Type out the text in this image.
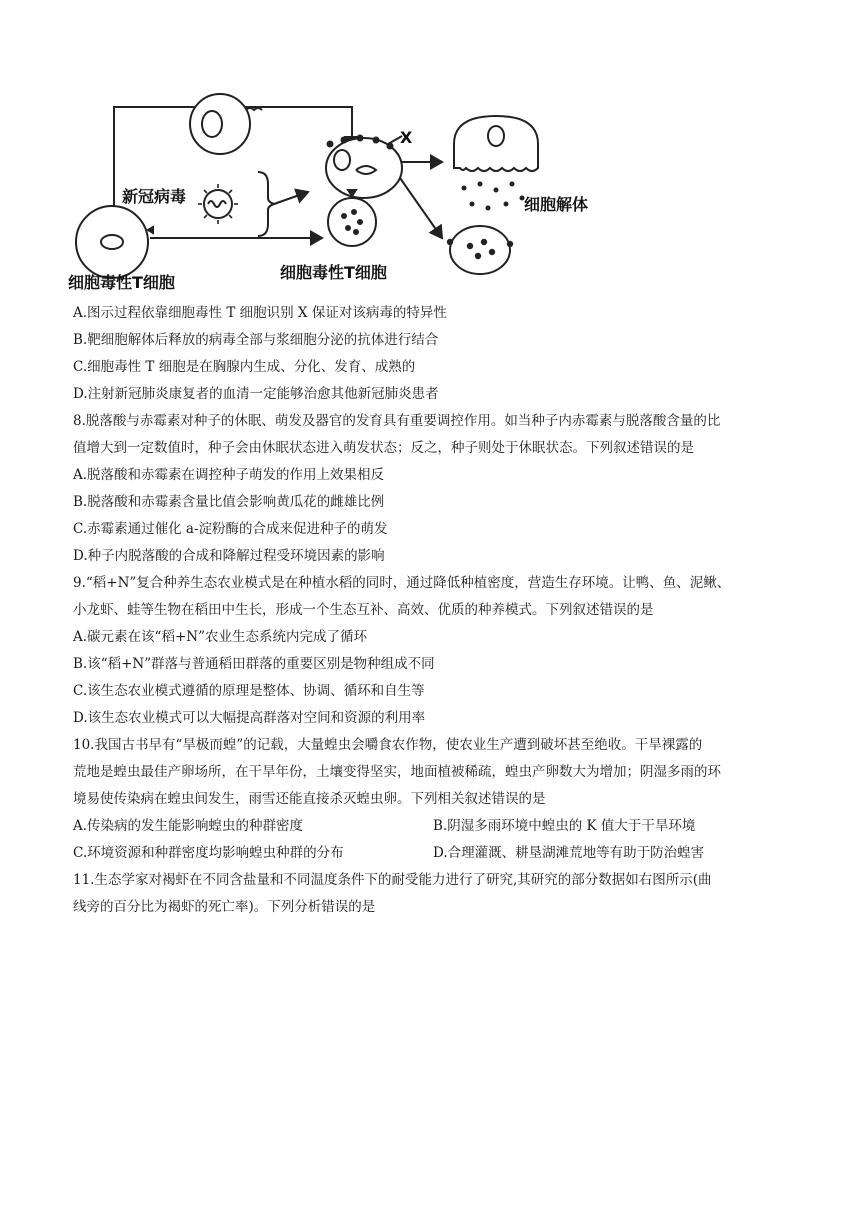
新冠病毒
X
细胞解体
细胞毒性T细胞
细胞毒性T细胞
A.图示过程依靠细胞毒性 T 细胞识别 X 保证对该病毒的特异性
B.靶细胞解体后释放的病毒全部与浆细胞分泌的抗体进行结合
C.细胞毒性 T 细胞是在胸腺内生成、分化、发育、成熟的
D.注射新冠肺炎康复者的血清一定能够治愈其他新冠肺炎患者
8.脱落酸与赤霉素对种子的休眠、萌发及器官的发育具有重要调控作用。如当种子内赤霉素与脱落酸含量的比
值增大到一定数值时，种子会由休眠状态进入萌发状态；反之，种子则处于休眠状态。下列叙述错误的是
A.脱落酸和赤霉素在调控种子萌发的作用上效果相反
B.脱落酸和赤霉素含量比值会影响黄瓜花的雌雄比例
C.赤霉素通过催化 a-淀粉酶的合成来促进种子的萌发
D.种子内脱落酸的合成和降解过程受环境因素的影响
9.“稻+N”复合种养生态农业模式是在种植水稻的同时，通过降低种植密度，营造生存环境。让鸭、鱼、泥鳅、
小龙虾、蛙等生物在稻田中生长，形成一个生态互补、高效、优质的种养模式。下列叙述错误的是
A.碳元素在该“稻+N”农业生态系统内完成了循环
B.该“稻+N”群落与普通稻田群落的重要区别是物种组成不同
C.该生态农业模式遵循的原理是整体、协调、循环和自生等
D.该生态农业模式可以大幅提高群落对空间和资源的利用率
10.我国古书早有“旱极而蝗”的记载，大量蝗虫会嚼食农作物，使农业生产遭到破坏甚至绝收。干旱裸露的
荒地是蝗虫最佳产卵场所，在干旱年份，土壤变得坚实，地面植被稀疏，蝗虫产卵数大为增加；阴湿多雨的环
境易使传染病在蝗虫间发生，雨雪还能直接杀灭蝗虫卵。下列相关叙述错误的是
A.传染病的发生能影响蝗虫的种群密度	B.阴湿多雨环境中蝗虫的 K 值大于干旱环境
C.环境资源和种群密度均影响蝗虫种群的分布	D.合理灌溉、耕垦湖滩荒地等有助于防治蝗害
11.生态学家对褐虾在不同含盐量和不同温度条件下的耐受能力进行了研究,其研究的部分数据如右图所示(曲
线旁的百分比为褐虾的死亡率)。下列分析错误的是
